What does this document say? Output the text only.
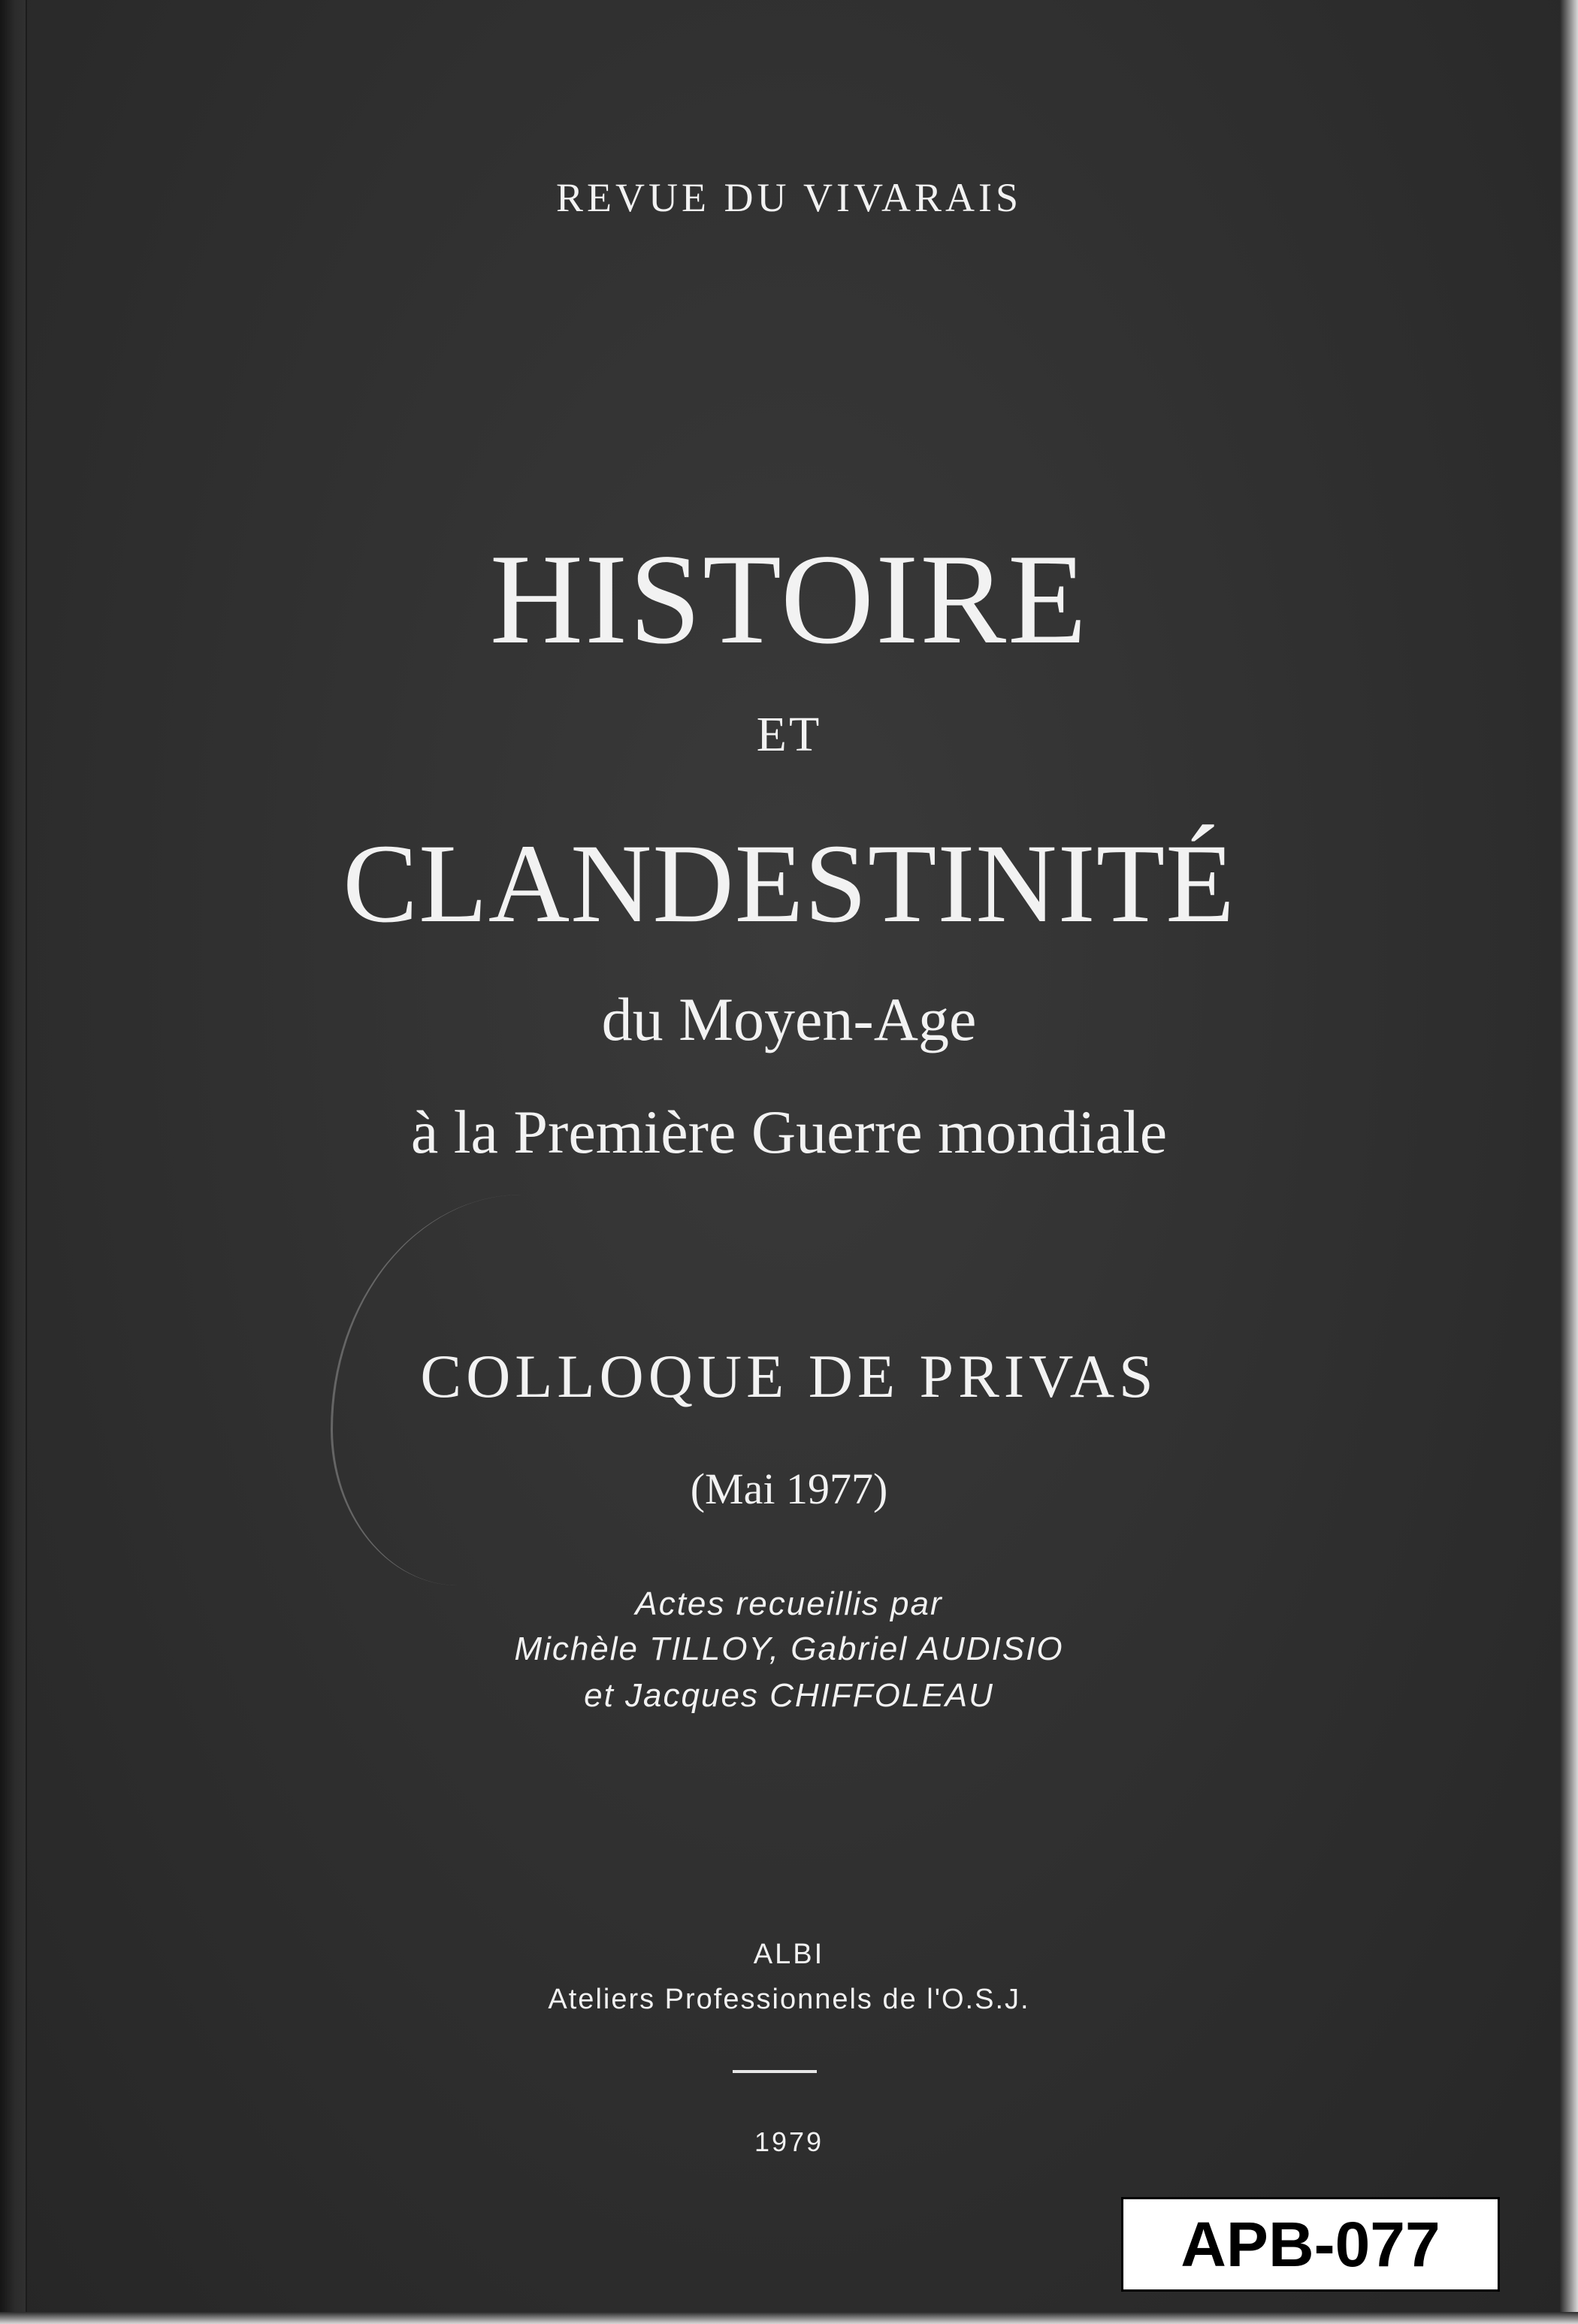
REVUE DU VIVARAIS
HISTOIRE
ET
CLANDESTINITÉ
du Moyen-Age
à la Première Guerre mondiale
COLLOQUE DE PRIVAS
(Mai 1977)
Actes recueillis par
Michèle TILLOY, Gabriel AUDISIO
et Jacques CHIFFOLEAU
ALBI
Ateliers Professionnels de l'O.S.J.
1979
APB-077
